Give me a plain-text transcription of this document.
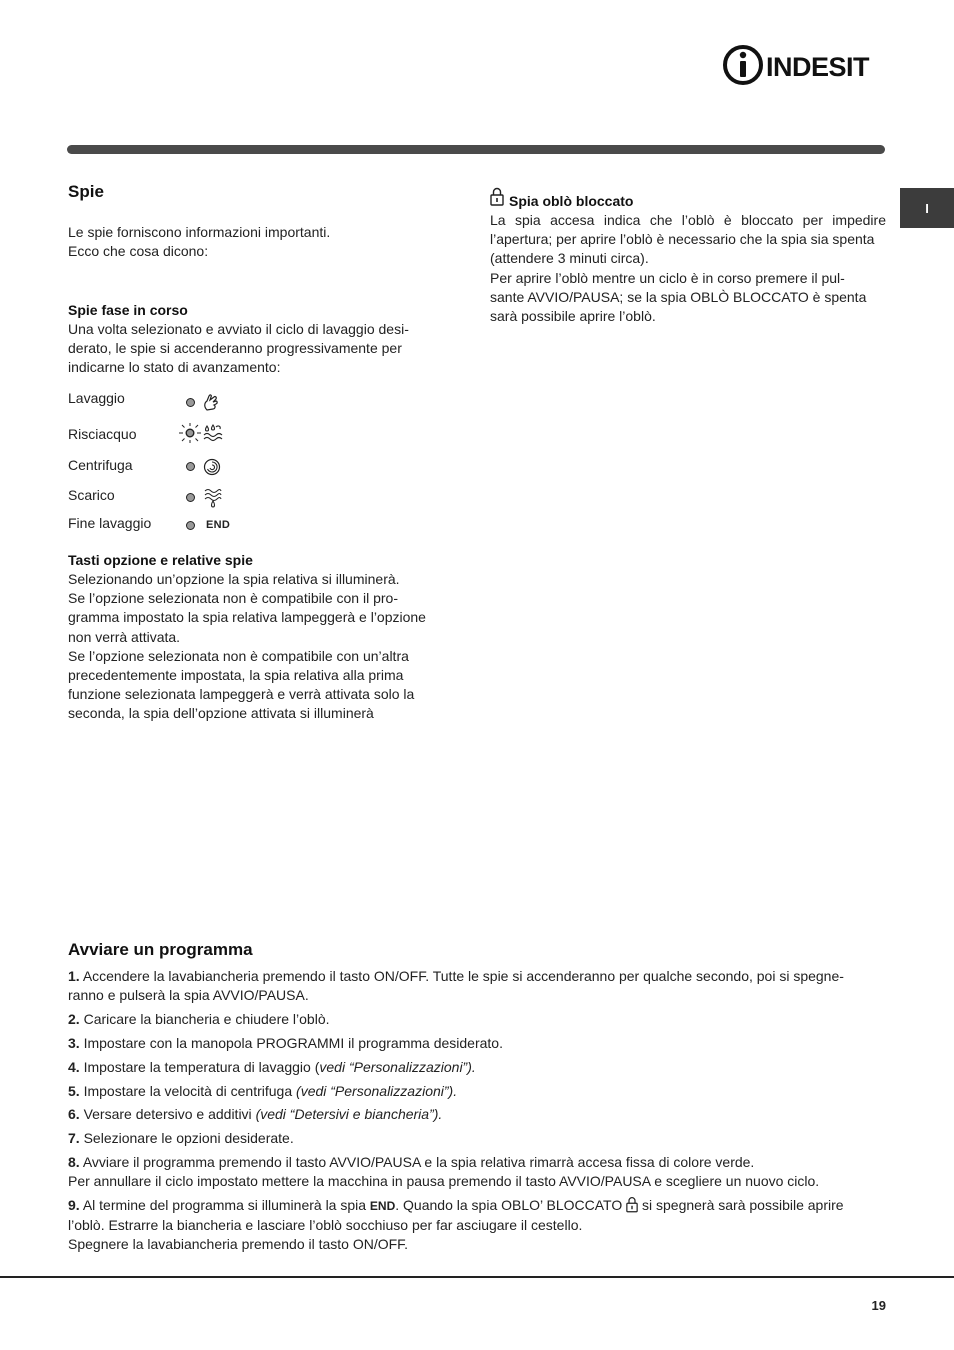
INDESIT
I
Spie
Le spie forniscono informazioni importanti.
Ecco che cosa dicono:
Spie fase in corso
Una volta selezionato e avviato il ciclo di lavaggio desi-
derato, le spie si accenderanno progressivamente per
indicarne lo stato di avanzamento:
Lavaggio
Risciacquo
Centrifuga
Scarico
Fine lavaggio	END
Tasti opzione e relative spie
Selezionando un’opzione la spia relativa si illuminerà.
Se l’opzione selezionata non è compatibile con il pro-
gramma impostato la spia relativa lampeggerà e l’opzione
non verrà attivata.
Se l’opzione selezionata non è compatibile con un’altra
precedentemente impostata, la spia relativa alla prima
funzione selezionata lampeggerà e verrà attivata solo la
seconda, la spia dell’opzione attivata si illuminerà
Spia oblò bloccato
La spia accesa indica che l’oblò è bloccato per impedire
l’apertura; per aprire l’oblò è necessario che la spia sia spenta
(attendere 3 minuti circa).
Per aprire l’oblò mentre un ciclo è in corso premere il pul-
sante AVVIO/PAUSA; se la spia OBLÒ BLOCCATO è spenta
sarà possibile aprire l’oblò.
Avviare un programma
1. Accendere la lavabiancheria premendo il tasto ON/OFF. Tutte le spie si accenderanno per qualche secondo, poi si spegne-
ranno e pulserà la spia AVVIO/PAUSA.
2. Caricare la biancheria e chiudere l’oblò.
3. Impostare con la manopola PROGRAMMI il programma desiderato.
4. Impostare la temperatura di lavaggio (vedi “Personalizzazioni”).
5. Impostare la velocità di centrifuga (vedi “Personalizzazioni”).
6. Versare detersivo e additivi (vedi “Detersivi e biancheria”).
7. Selezionare le opzioni desiderate.
8. Avviare il programma premendo il tasto AVVIO/PAUSA e la spia relativa rimarrà accesa fissa di colore verde.
Per annullare il ciclo impostato mettere la macchina in pausa premendo il tasto AVVIO/PAUSA e scegliere un nuovo ciclo.
9. Al termine del programma si illuminerà la spia END. Quando la spia OBLO’ BLOCCATO  si spegnerà sarà possibile aprire
l’oblò. Estrarre la biancheria e lasciare l’oblò socchiuso per far asciugare il cestello.
Spegnere la lavabiancheria premendo il tasto ON/OFF.
19
